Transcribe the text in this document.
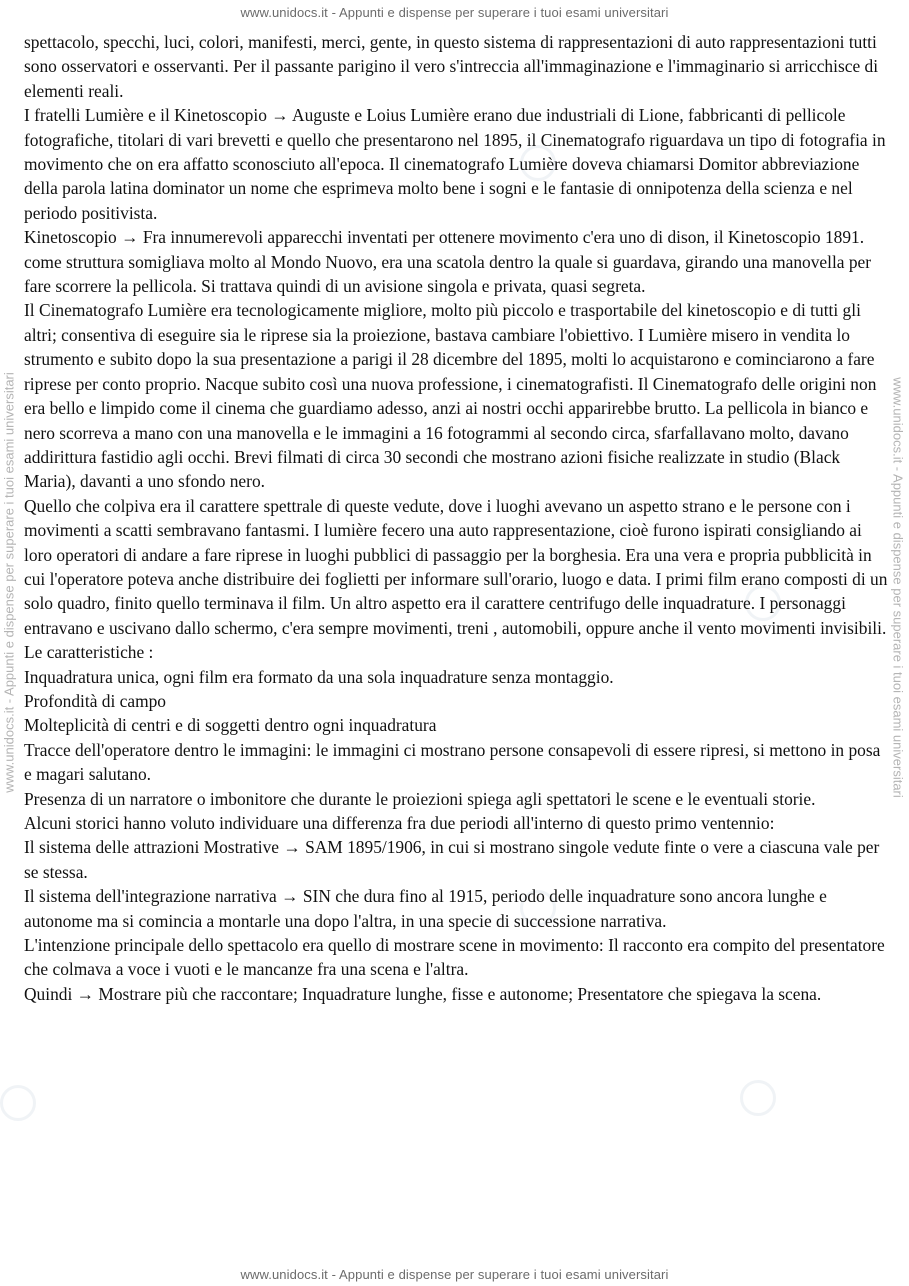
www.unidocs.it - Appunti e dispense per superare i tuoi esami universitari
www.unidocs.it - Appunti e dispense per superare i tuoi esami universitari	www.unidocs.it - Appunti e dispense per superare i tuoi esami universitari

spettacolo, specchi, luci, colori, manifesti, merci, gente, in questo sistema di rappresentazioni di auto rappresentazioni tutti sono osservatori e osservanti. Per il passante parigino il vero s'intreccia all'immaginazione e l'immaginario si arricchisce di elementi reali.

I fratelli Lumière e il Kinetoscopio → Auguste e Loius Lumière erano due industriali di Lione, fabbricanti di pellicole fotografiche, titolari di vari brevetti e quello che presentarono nel 1895, il Cinematografo riguardava un tipo di fotografia in movimento che on era affatto sconosciuto all'epoca. Il cinematografo Lumière doveva chiamarsi Domitor abbreviazione della parola latina dominator un nome che esprimeva molto bene i sogni e le fantasie di onnipotenza della scienza e nel periodo positivista.

Kinetoscopio → Fra innumerevoli apparecchi inventati per ottenere movimento c'era uno di dison, il Kinetoscopio 1891. come struttura somigliava molto al Mondo Nuovo, era una scatola dentro la quale si guardava, girando una manovella per fare scorrere la pellicola. Si trattava quindi di un avisione singola e privata, quasi segreta.

Il Cinematografo Lumière era tecnologicamente migliore, molto più piccolo e trasportabile del kinetoscopio e di tutti gli altri; consentiva di eseguire sia le riprese sia la proiezione, bastava cambiare l'obiettivo. I Lumière misero in vendita lo strumento e subito dopo la sua presentazione a parigi il 28 dicembre del 1895, molti lo acquistarono e cominciarono a fare riprese per conto proprio. Nacque subito così una nuova professione, i cinematografisti. Il Cinematografo delle origini non era bello e limpido come il cinema che guardiamo adesso, anzi ai nostri occhi apparirebbe brutto. La pellicola in bianco e nero scorreva a mano con una manovella e le immagini a 16 fotogrammi al secondo circa, sfarfallavano molto, davano addirittura fastidio agli occhi. Brevi filmati di circa 30 secondi che mostrano azioni fisiche realizzate in studio (Black Maria), davanti a uno sfondo nero.

Quello che colpiva era il carattere spettrale di queste vedute, dove i luoghi avevano un aspetto strano e le persone con i movimenti a scatti sembravano fantasmi. I lumière fecero una auto rappresentazione, cioè furono ispirati consigliando ai loro operatori di andare a fare riprese in luoghi pubblici di passaggio per la borghesia. Era una vera e propria pubblicità in cui l'operatore poteva anche distribuire dei foglietti per informare sull'orario, luogo e data. I primi film erano composti di un solo quadro, finito quello terminava il film. Un altro aspetto era il carattere centrifugo delle inquadrature. I personaggi entravano e uscivano dallo schermo, c'era sempre movimenti, treni , automobili, oppure anche il vento movimenti invisibili.

Le caratteristiche :

Inquadratura unica, ogni film era formato da una sola inquadrature senza montaggio.

Profondità di campo

Molteplicità di centri e di soggetti dentro ogni inquadratura

Tracce dell'operatore dentro le immagini: le immagini ci mostrano persone consapevoli di essere ripresi, si mettono in posa e magari salutano.

Presenza di un narratore o imbonitore che durante le proiezioni spiega agli spettatori le scene e le eventuali storie.

Alcuni storici hanno voluto individuare una differenza fra due periodi all'interno di questo primo ventennio:

Il sistema delle attrazioni Mostrative → SAM 1895/1906, in cui si mostrano singole vedute finte o vere a ciascuna vale per se stessa.

Il sistema dell'integrazione narrativa → SIN che dura fino al 1915, periodo delle inquadrature sono ancora lunghe e autonome ma si comincia a montarle una dopo l'altra, in una specie di successione narrativa.

L'intenzione principale dello spettacolo era quello di mostrare scene in movimento: Il racconto era compito del presentatore che colmava a voce i vuoti e le mancanze fra una scena e l'altra.

Quindi → Mostrare più che raccontare; Inquadrature lunghe, fisse e autonome; Presentatore che spiegava la scena.

www.unidocs.it - Appunti e dispense per superare i tuoi esami universitari
